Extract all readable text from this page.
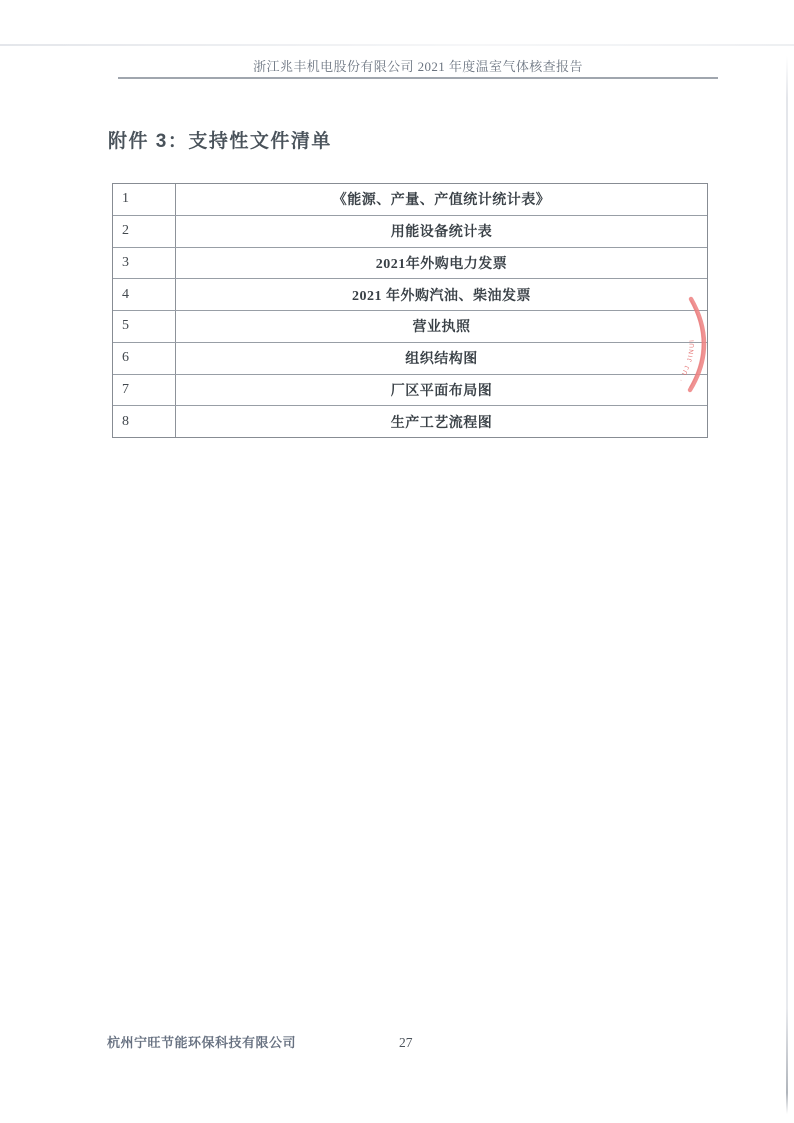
浙江兆丰机电股份有限公司 2021 年度温室气体核查报告
附件 3：支持性文件清单
1	《能源、产量、产值统计统计表》
2	用能设备统计表
3	2021年外购电力发票
4	2021 年外购汽油、柴油发票
5	营业执照
6	组织结构图
7	厂区平面布局图
8	生产工艺流程图
· UJ JINUI
杭州宁旺节能环保科技有限公司	27
